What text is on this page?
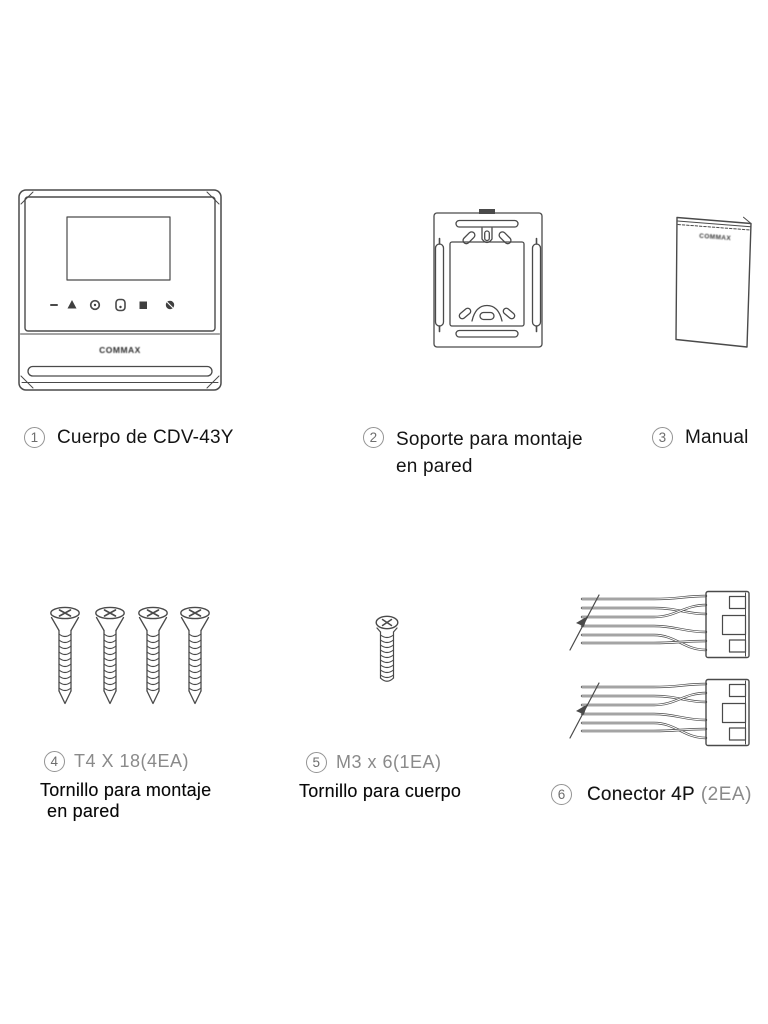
COMMAX
COMMAX
1 Cuerpo de CDV-43Y	2 Soporte para montaje
en pared
3 Manual
4 T4 X 18(4EA)
Tornillo para montaje
en pared
5 M3 x 6(1EA)
Tornillo para cuerpo	6	Conector 4P (2EA)
